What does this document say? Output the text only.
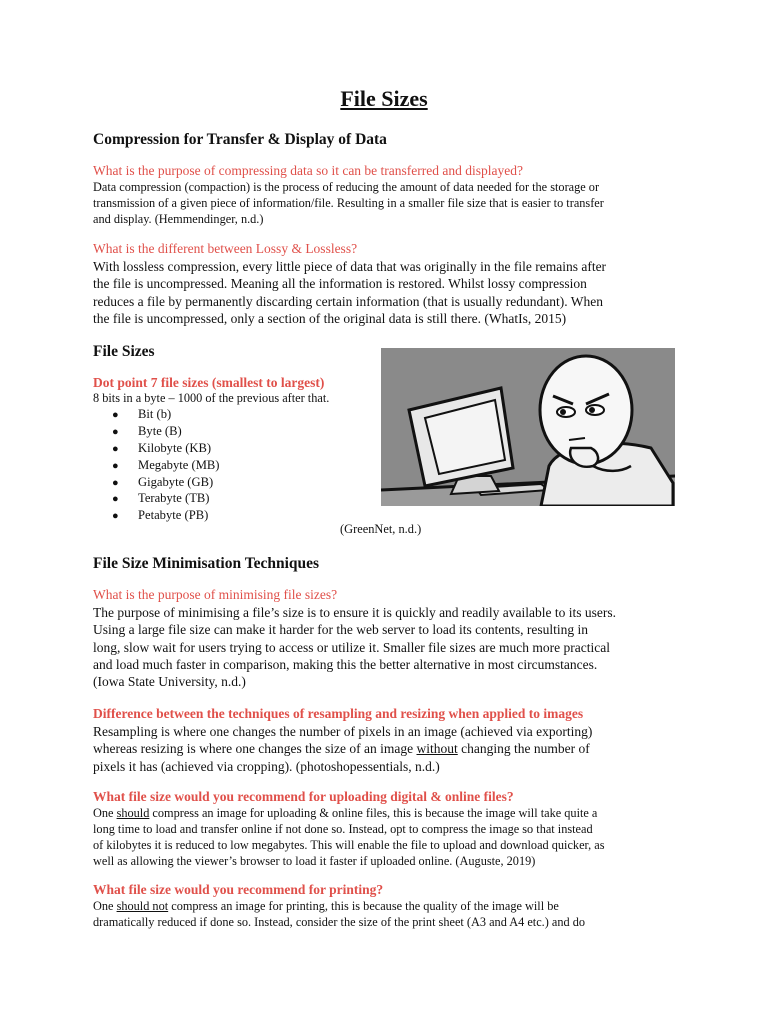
File Sizes
Compression for Transfer & Display of Data
What is the purpose of compressing data so it can be transferred and displayed?
Data compression (compaction) is the process of reducing the amount of data needed for the storage or
transmission of a given piece of information/file. Resulting in a smaller file size that is easier to transfer
and display. (Hemmendinger, n.d.)
What is the different between Lossy & Lossless?
With lossless compression, every little piece of data that was originally in the file remains after
the file is uncompressed. Meaning all the information is restored. Whilst lossy compression
reduces a file by permanently discarding certain information (that is usually redundant). When
the file is uncompressed, only a section of the original data is still there. (WhatIs, 2015)
File Sizes
Dot point 7 file sizes (smallest to largest)
8 bits in a byte – 1000 of the previous after that.
● Bit (b)
● Byte (B)
● Kilobyte (KB)
● Megabyte (MB)
● Gigabyte (GB)
● Terabyte (TB)
● Petabyte (PB)
(GreenNet, n.d.)
File Size Minimisation Techniques
What is the purpose of minimising file sizes?
The purpose of minimising a file’s size is to ensure it is quickly and readily available to its users.
Using a large file size can make it harder for the web server to load its contents, resulting in
long, slow wait for users trying to access or utilize it. Smaller file sizes are much more practical
and load much faster in comparison, making this the better alternative in most circumstances.
(Iowa State University, n.d.)
Difference between the techniques of resampling and resizing when applied to images
Resampling is where one changes the number of pixels in an image (achieved via exporting)
whereas resizing is where one changes the size of an image without changing the number of
pixels it has (achieved via cropping). (photoshopessentials, n.d.)
What file size would you recommend for uploading digital & online files?
One should compress an image for uploading & online files, this is because the image will take quite a
long time to load and transfer online if not done so. Instead, opt to compress the image so that instead
of kilobytes it is reduced to low megabytes. This will enable the file to upload and download quicker, as
well as allowing the viewer’s browser to load it faster if uploaded online. (Auguste, 2019)
What file size would you recommend for printing?
One should not compress an image for printing, this is because the quality of the image will be
dramatically reduced if done so. Instead, consider the size of the print sheet (A3 and A4 etc.) and do
